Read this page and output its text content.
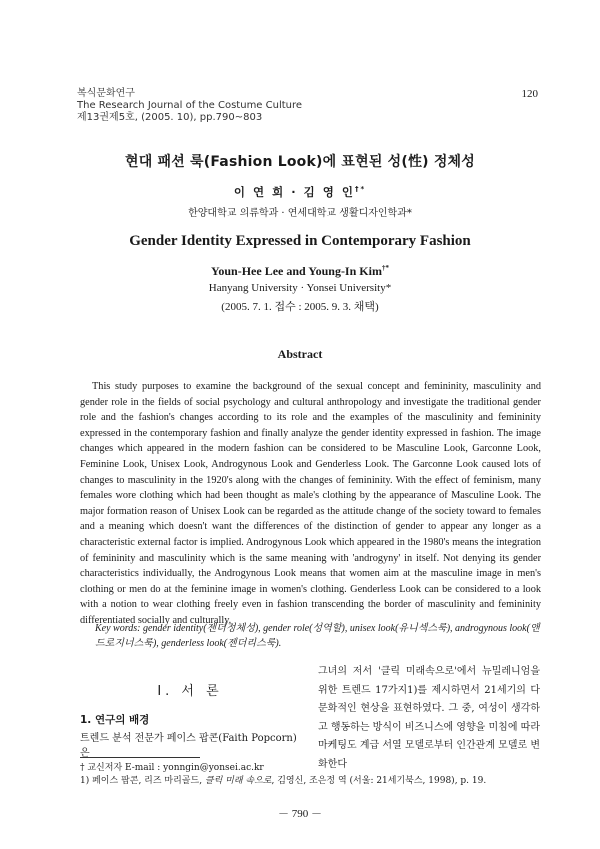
복식문화연구
The Research Journal of the Costume Culture
제13권제5호, (2005. 10), pp.790~803
120
현대 패션 룩(Fashion Look)에 표현된 성(性) 정체성
이 연 희 · 김 영 인†*
한양대학교 의류학과 · 연세대학교 생활디자인학과*
Gender Identity Expressed in Contemporary Fashion
Youn-Hee Lee and Young-In Kim†*
Hanyang University · Yonsei University*
(2005. 7. 1. 접수 : 2005. 9. 3. 채택)
Abstract
This study purposes to examine the background of the sexual concept and femininity, masculinity and gender role in the fields of social psychology and cultural anthropology and investigate the traditional gender role and the fashion's changes according to its role and the examples of the masculinity and femininity expressed in the contemporary fashion and finally analyze the gender identity expressed in fashion. The image changes which appeared in the modern fashion can be considered to be Masculine Look, Garconne Look, Feminine Look, Unisex Look, Androgynous Look and Genderless Look. The Garconne Look caused lots of changes to masculinity in the 1920's along with the changes of femininity. With the effect of feminism, many females wore clothing which had been thought as male's clothing by the appearance of Masculine Look. The major formation reason of Unisex Look can be regarded as the attitude change of the society toward to females and a meaning which doesn't want the differences of the distinction of gender to appear any longer as a characteristic external factor is implied. Androgynous Look which appeared in the 1980's means the integration of femininity and masculinity which is the same meaning with 'androgyny' in itself. Not denying its gender characteristics individually, the Androgynous Look means that women aim at the masculine image in men's clothing or men do at the feminine image in women's clothing. Genderless Look can be considered to a look with a notion to wear clothing freely even in fashion transcending the border of masculinity and femininity differentiated socially and culturally.
Key words: gender identity(젠더정체성), gender role(성역할), unisex look(유니섹스룩), androgynous look(앤드로지너스룩), genderless look(젠더리스룩).
Ⅰ. 서 론
1. 연구의 배경
트렌드 분석 전문가 페이스 팝콘(Faith Popcorn)은
그녀의 저서 '클릭 미래속으로'에서 뉴밀레니엄을 위한 트렌드 17가지1)를 제시하면서 21세기의 다문화적인 현상을 표현하였다. 그 중, 여성이 생각하고 행동하는 방식이 비즈니스에 영향을 미침에 따라 마케팅도 계급 서열 모델로부터 인간관계 모델로 변화한다
† 교신저자 E-mail : yonngin@yonsei.ac.kr
1) 페이스 팝콘, 리즈 마리골드, 클릭 미래 속으로, 김영신, 조은정 역 (서울: 21세기북스, 1998), p. 19.
－ 790 －
